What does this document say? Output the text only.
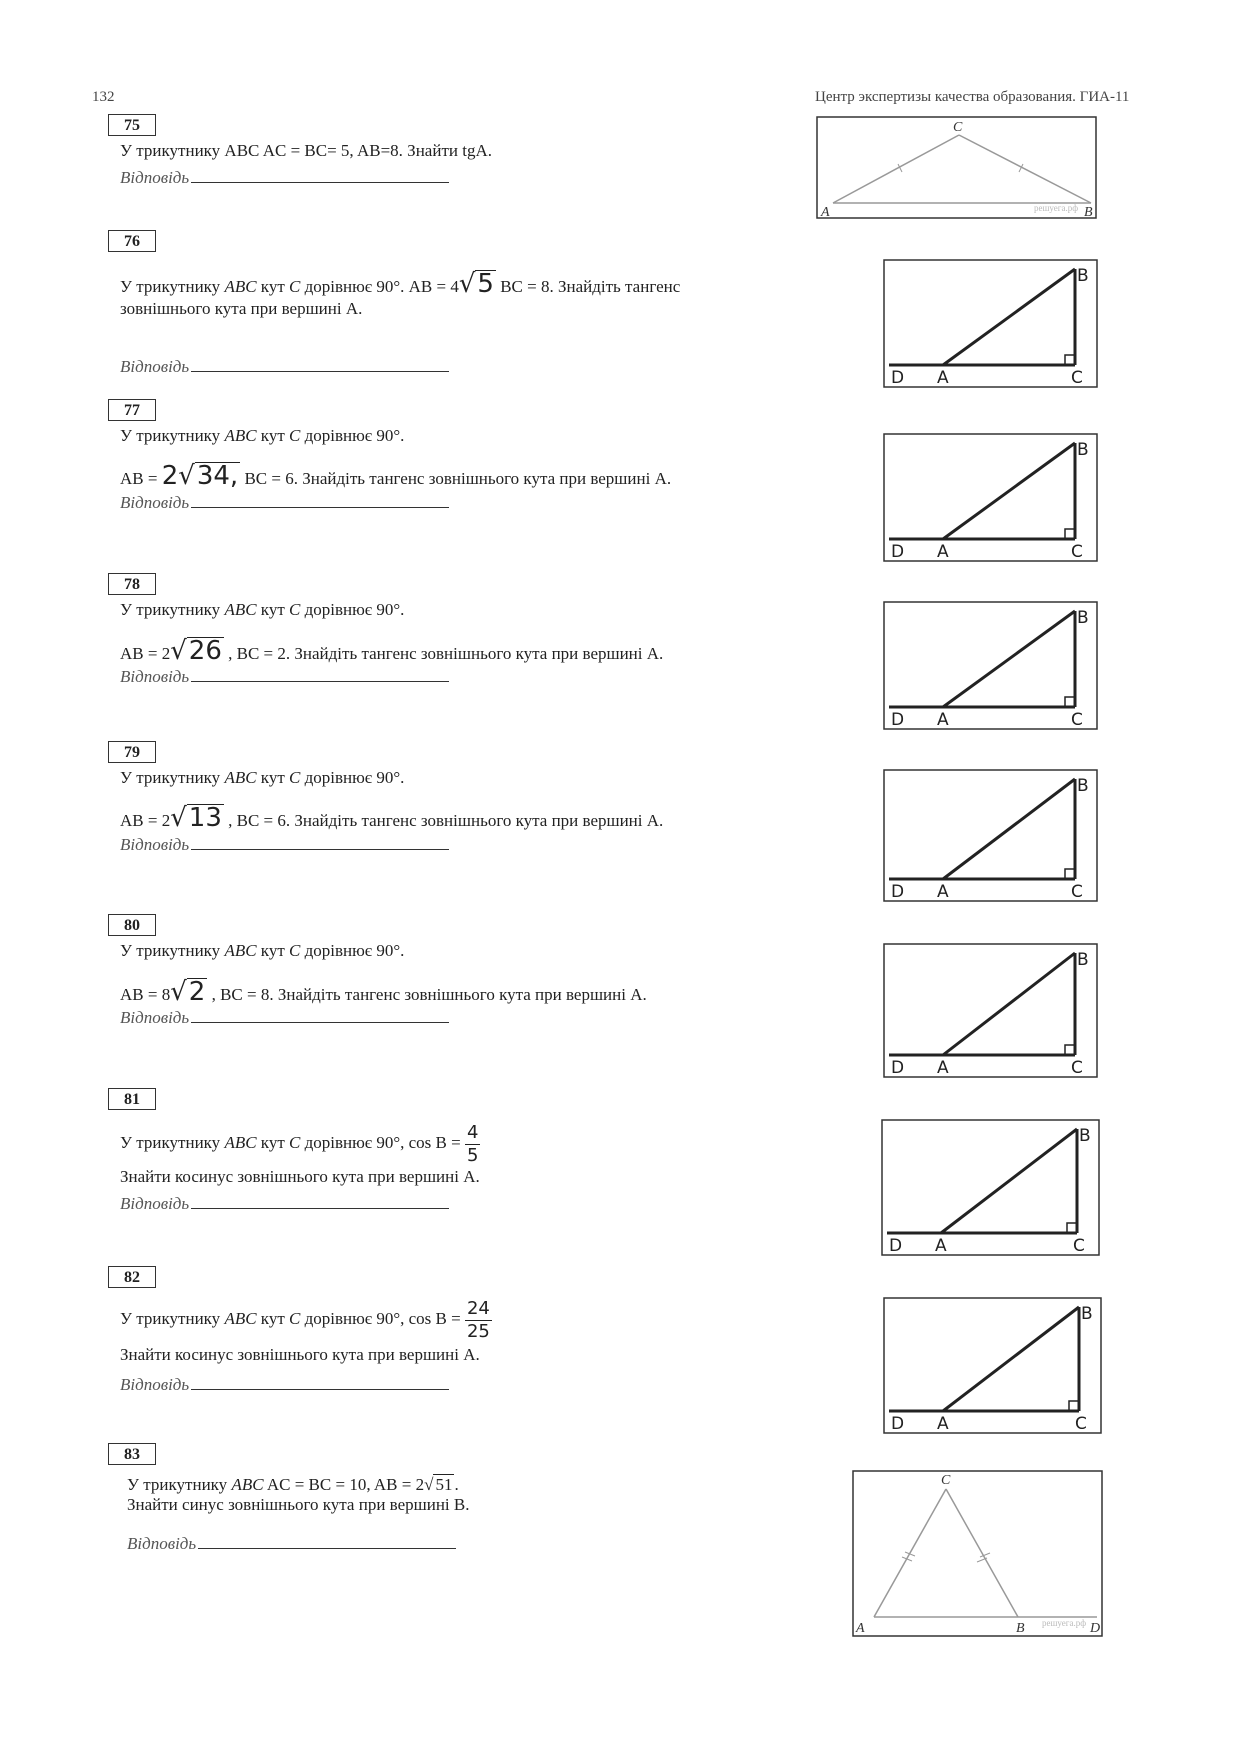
132	Центр экспертизы качества образования. ГИА-11
75
У трикутнику ABC AC = BC= 5, AB=8. Знайти tgA.
Відповідь
C
A	B
решуега.рф
76
У трикутнику ABC кут C дорівнює 90°. AB = 4√5 BC = 8. Знайдіть тангенс
зовнішнього кута при вершині А.
Відповідь
77
У трикутнику ABC кут C дорівнює 90°.
AB = 2√34, BC = 6. Знайдіть тангенс зовнішнього кута при вершині А.
Відповідь
78
У трикутнику ABC кут C дорівнює 90°.
AB = 2√26 , BC = 2. Знайдіть тангенс зовнішнього кута при вершині А.
Відповідь
79
У трикутнику ABC кут C дорівнює 90°.
AB = 2√13 , BC = 6. Знайдіть тангенс зовнішнього кута при вершині А.
Відповідь
80
У трикутнику ABC кут C дорівнює 90°.
AB = 8√2 , BC = 8. Знайдіть тангенс зовнішнього кута при вершині А.
Відповідь
81
У трикутнику ABC кут C дорівнює 90°, $\cos B = \frac{4}{5}$
Знайти косинус зовнішнього кута при вершині А.
Відповідь
82
У трикутнику ABC кут C дорівнює 90°, $\cos B = \frac{24}{25}$
Знайти косинус зовнішнього кута при вершині А.
Відповідь
83
У трикутнику ABC AC = BC = 10, AB = 2√ 51 .
Знайти синус зовнішнього кута при вершині В.
Відповідь
C
A	B	D
решуега.рф
D A	C
B
D A	C
B
D A	C
B
D A	C
B
D A	C
B
D A	C
B
D A	C
B
